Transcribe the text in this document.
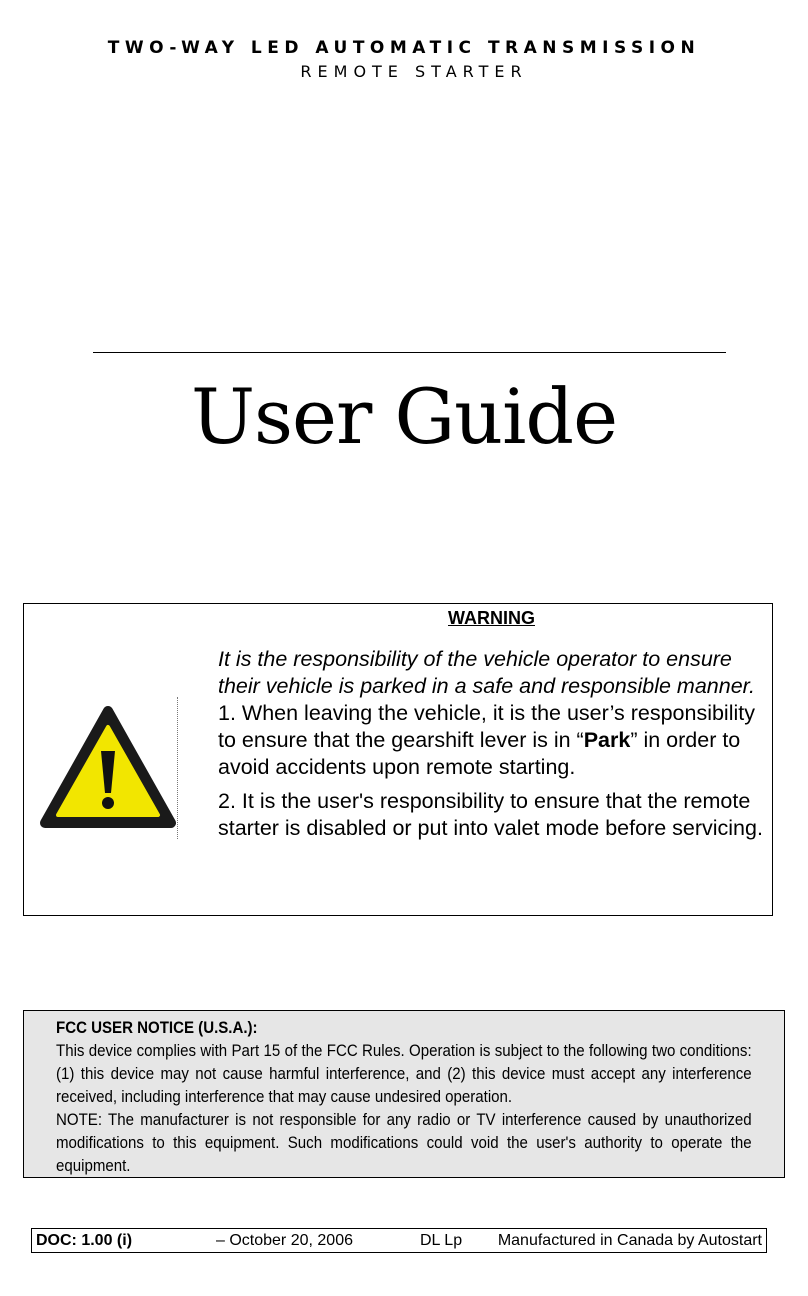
TWO-WAY LED AUTOMATIC TRANSMISSION
REMOTE STARTER
User Guide
WARNING

It is the responsibility of the vehicle operator to ensure their vehicle is parked in a safe and responsible manner.

1. When leaving the vehicle, it is the user’s responsibility to ensure that the gearshift lever is in “Park” in order to avoid accidents upon remote starting.

2. It is the user's responsibility to ensure that the remote starter is disabled or put into valet mode before servicing.

FCC USER NOTICE (U.S.A.):

This device complies with Part 15 of the FCC Rules. Operation is subject to the following two conditions: (1) this device may not cause harmful interference, and (2) this device must accept any interference received, including interference that may cause undesired operation.

NOTE: The manufacturer is not responsible for any radio or TV interference caused by unauthorized modifications to this equipment. Such modifications could void the user's authority to operate the equipment.

DOC: 1.00 (i)	– October 20, 2006	DL Lp Manufactured in Canada by Autostart
